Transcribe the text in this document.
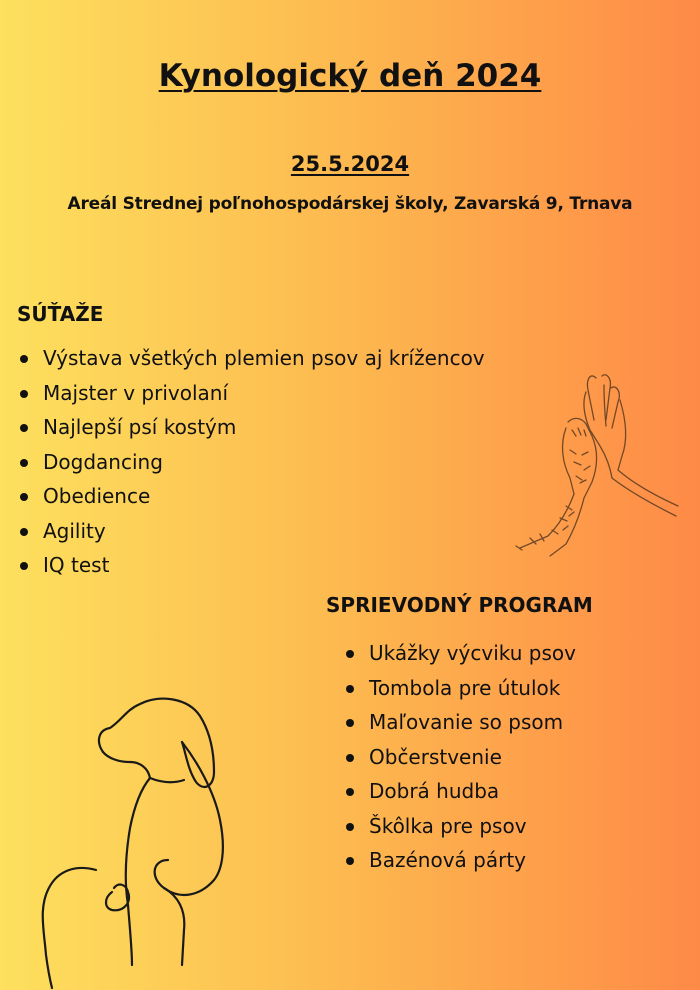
Kynologický deň 2024
25.5.2024
Areál Strednej poľnohospodárskej školy, Zavarská 9, Trnava
SÚŤAŽE
Výstava všetkých plemien psov aj krížencov
Majster v privolaní
Najlepší psí kostým
Dogdancing
Obedience
Agility
IQ test
SPRIEVODNÝ PROGRAM
Ukážky výcviku psov
Tombola pre útulok
Maľovanie so psom
Občerstvenie
Dobrá hudba
Škôlka pre psov
Bazénová párty
